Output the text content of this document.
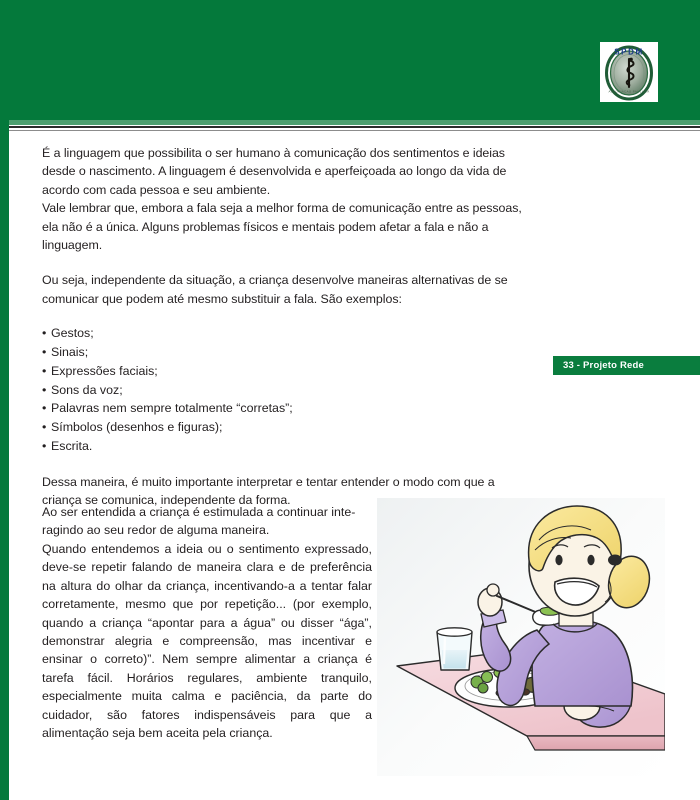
SPDM
ASSOCIACAO PAULISTA
33 - Projeto Rede

É a linguagem que possibilita o ser humano à comunicação dos sentimentos e ideias desde o nascimento. A linguagem é desenvolvida e aperfeiçoada ao longo da vida de acordo com cada pessoa e seu ambiente.

Vale lembrar que, embora a fala seja a melhor forma de comunicação entre as pessoas, ela não é a única. Alguns problemas físicos e mentais podem afetar a fala e não a linguagem.

Ou seja, independente da situação, a criança desenvolve maneiras alternativas de se comunicar que podem até mesmo substituir a fala. São exemplos:

• Gestos;
• Sinais;
• Expressões faciais;
• Sons da voz;
• Palavras nem sempre totalmente “corretas”;
• Símbolos (desenhos e figuras);
• Escrita.

Dessa maneira, é muito importante interpretar e tentar entender o modo com que a criança se comunica, independente da forma.

Ao ser entendida a criança é estimulada a continuar inte-

ragindo ao seu redor de alguma maneira.

Quando entendemos a ideia ou o sentimento expressado, deve-se repetir falando de maneira clara e de preferência na altura do olhar da criança, incentivando-a a tentar falar corretamente, mesmo que por repetição... (por exemplo, quando a criança “apontar para a água” ou disser “ága”, demonstrar alegria e compreensão, mas incentivar e ensinar o correto)”. Nem sempre alimentar a criança é tarefa fácil. Horários regulares, ambiente tranquilo, especialmente muita calma e paciência, da parte do cuidador, são fatores indispensáveis para que a alimentação seja bem aceita pela criança.
